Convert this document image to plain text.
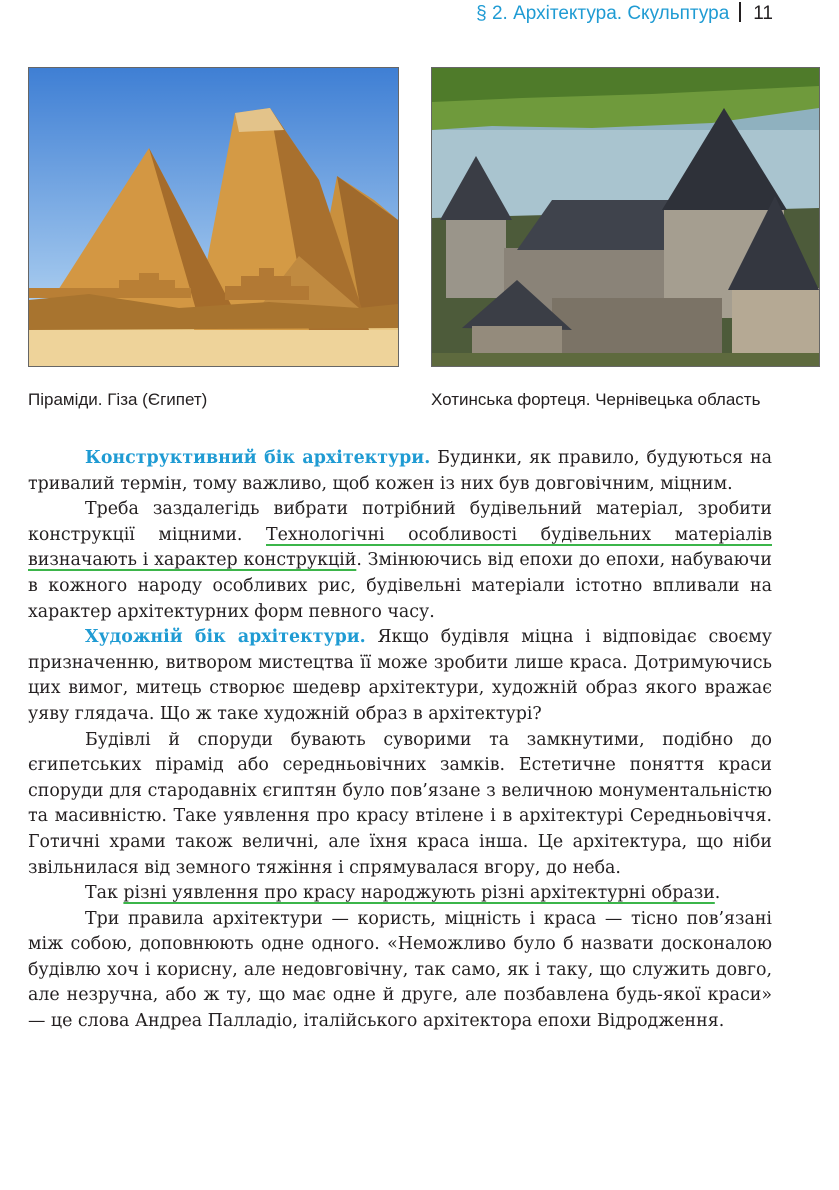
§ 2. Архітектура. Скульптура 11
Піраміди. Гіза (Єгипет)	Хотинська фортеця. Чернівецька область

Конструктивний бік архітектури. Будинки, як правило, будуються на тривалий термін, тому важливо, щоб кожен із них був довговічним, міцним.

Треба заздалегідь вибрати потрібний будівельний матеріал, зробити конструкції міцними. Технологічні особливості будівельних матеріалів визначають і характер конструкцій. Змінюючись від епохи до епохи, набуваючи в кожного народу особливих рис, будівельні матеріали істотно впливали на характер архітектурних форм певного часу.

Художній бік архітектури. Якщо будівля міцна і відповідає своєму призначенню, витвором мистецтва її може зробити лише краса. Дотримуючись цих вимог, митець створює шедевр архітектури, художній образ якого вражає уяву глядача. Що ж таке художній образ в архітектурі?

Будівлі й споруди бувають суворими та замкнутими, подібно до єгипетських пірамід або середньовічних замків. Естетичне поняття краси споруди для стародавніх єгиптян було пов’язане з величною монументальністю та масивністю. Таке уявлення про красу втілене і в архітектурі Середньовіччя. Готичні храми також величні, але їхня краса інша. Це архітектура, що ніби звільнилася від земного тяжіння і спрямувалася вгору, до неба.

Так різні уявлення про красу народжують різні архітектурні образи.

Три правила архітектури — користь, міцність і краса — тісно пов’язані між собою, доповнюють одне одного. «Неможливо було б назвати досконалою будівлю хоч і корисну, але недовговічну, так само, як і таку, що служить довго, але незручна, або ж ту, що має одне й друге, але позбавлена будь-якої краси» — це слова Андреа Палладіо, італійського архітектора епохи Відродження.
